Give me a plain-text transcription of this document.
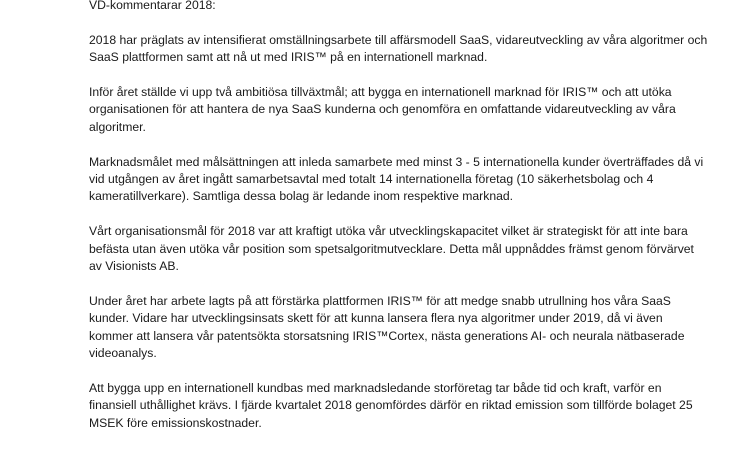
VD-kommentarar 2018:

2018 har präglats av intensifierat omställningsarbete till affärsmodell SaaS, vidareutveckling av våra algoritmer och SaaS plattformen samt att nå ut med IRIS™ på en internationell marknad.

Inför året ställde vi upp två ambitiösa tillväxtmål; att bygga en internationell marknad för IRIS™ och att utöka organisationen för att hantera de nya SaaS kunderna och genomföra en omfattande vidareutveckling av våra algoritmer.

Marknadsmålet med målsättningen att inleda samarbete med minst 3 - 5 internationella kunder överträffades då vi vid utgången av året ingått samarbetsavtal med totalt 14 internationella företag (10 säkerhetsbolag och 4 kameratillverkare). Samtliga dessa bolag är ledande inom respektive marknad.

Vårt organisationsmål för 2018 var att kraftigt utöka vår utvecklingskapacitet vilket är strategiskt för att inte bara befästa utan även utöka vår position som spetsalgoritmutvecklare. Detta mål uppnåddes främst genom förvärvet av Visionists AB.

Under året har arbete lagts på att förstärka plattformen IRIS™ för att medge snabb utrullning hos våra SaaS kunder. Vidare har utvecklingsinsats skett för att kunna lansera flera nya algoritmer under 2019, då vi även kommer att lansera vår patentsökta storsatsning IRIS™Cortex, nästa generations AI- och neurala nätbaserade videoanalys.

Att bygga upp en internationell kundbas med marknadsledande storföretag tar både tid och kraft, varför en finansiell uthållighet krävs. I fjärde kvartalet 2018 genomfördes därför en riktad emission som tillförde bolaget 25 MSEK före emissionskostnader.
